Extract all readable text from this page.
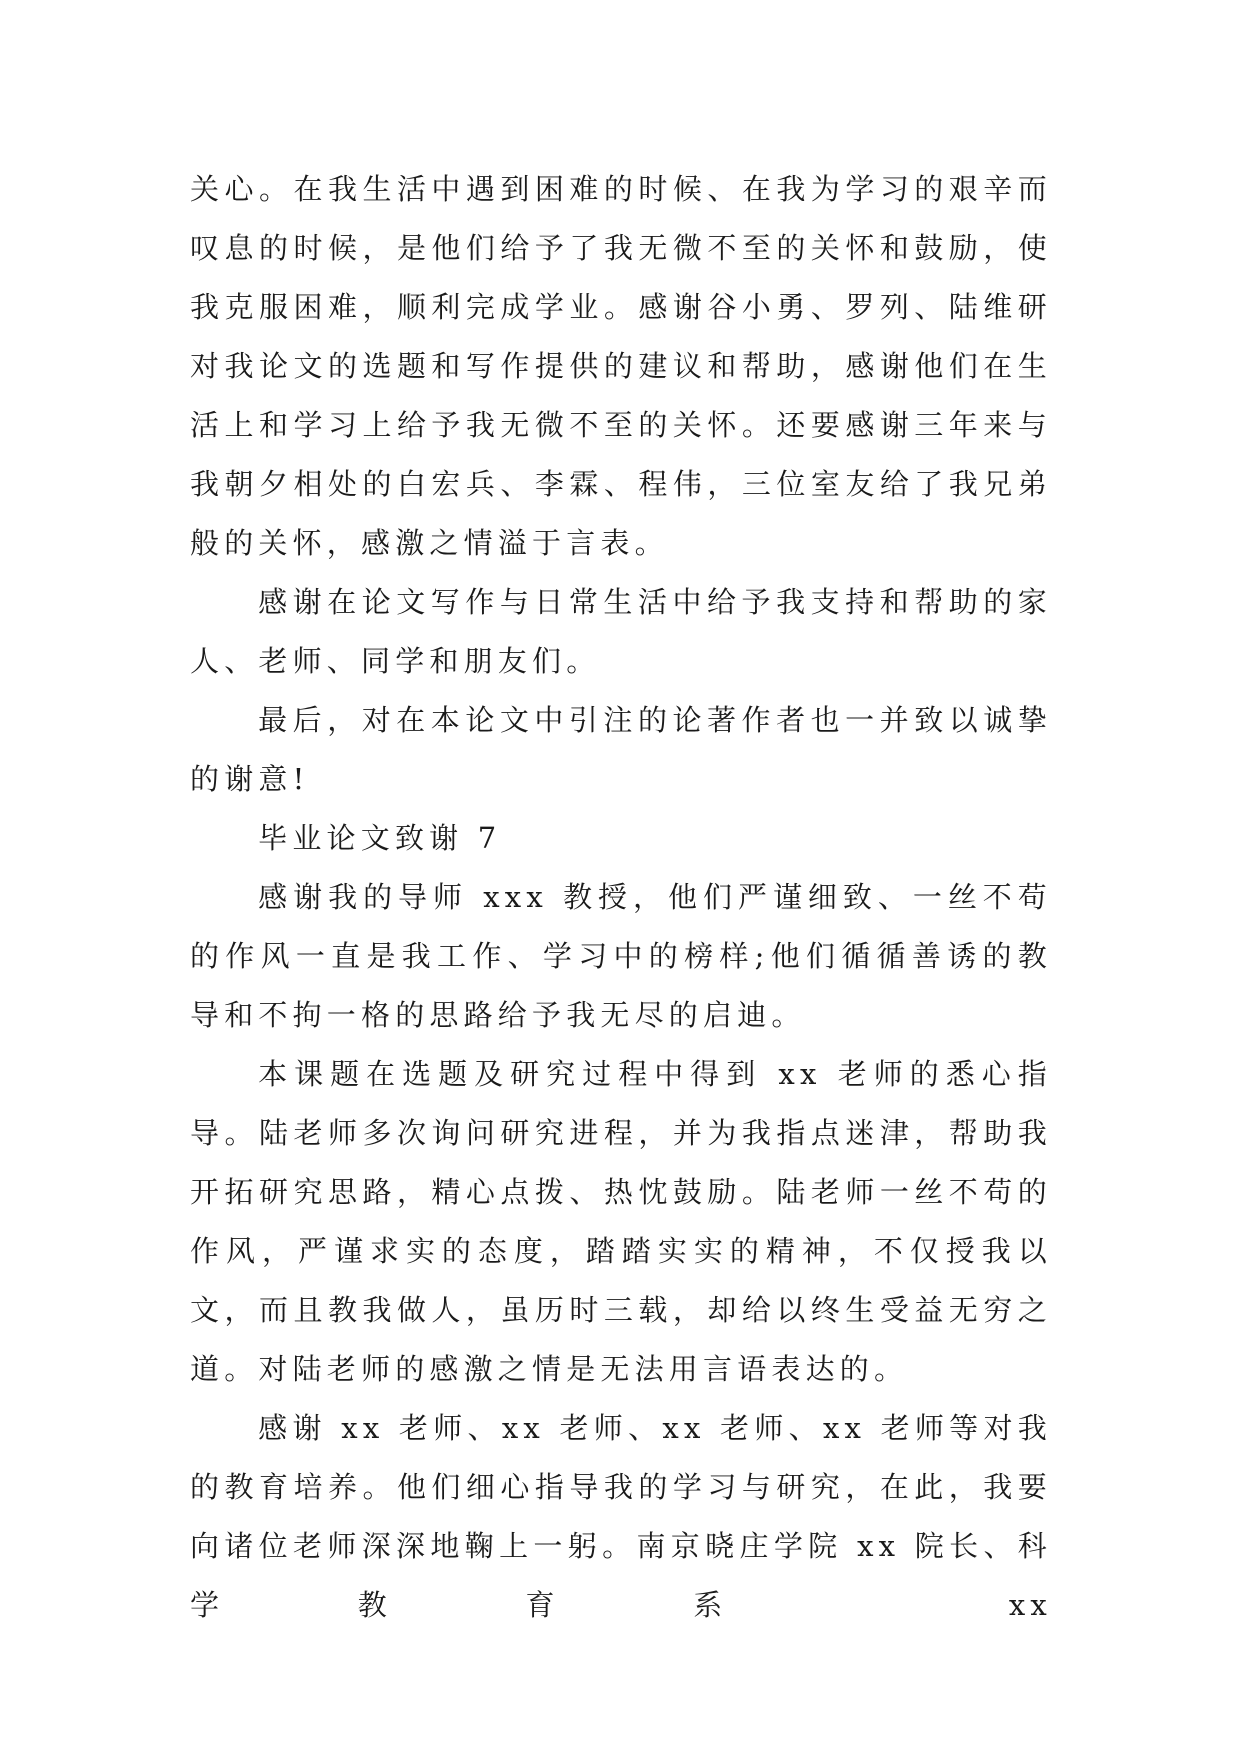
关心。在我生活中遇到困难的时候、在我为学习的艰辛而叹息的时候，是他们给予了我无微不至的关怀和鼓励，使我克服困难，顺利完成学业。感谢谷小勇、罗列、陆维研对我论文的选题和写作提供的建议和帮助，感谢他们在生活上和学习上给予我无微不至的关怀。还要感谢三年来与我朝夕相处的白宏兵、李霖、程伟，三位室友给了我兄弟般的关怀，感激之情溢于言表。

感谢在论文写作与日常生活中给予我支持和帮助的家人、老师、同学和朋友们。

最后，对在本论文中引注的论著作者也一并致以诚挚的谢意!

毕业论文致谢 7

感谢我的导师 xxx 教授，他们严谨细致、一丝不苟的作风一直是我工作、学习中的榜样;他们循循善诱的教导和不拘一格的思路给予我无尽的启迪。

本课题在选题及研究过程中得到 xx 老师的悉心指导。陆老师多次询问研究进程，并为我指点迷津，帮助我开拓研究思路，精心点拨、热忱鼓励。陆老师一丝不苟的作风，严谨求实的态度，踏踏实实的精神，不仅授我以文，而且教我做人，虽历时三载，却给以终生受益无穷之道。对陆老师的感激之情是无法用言语表达的。

感谢 xx 老师、xx 老师、xx 老师、xx 老师等对我的教育培养。他们细心指导我的学习与研究，在此，我要向诸位老师深深地鞠上一躬。南京晓庄学院 xx 院长、科学教育系 xx
